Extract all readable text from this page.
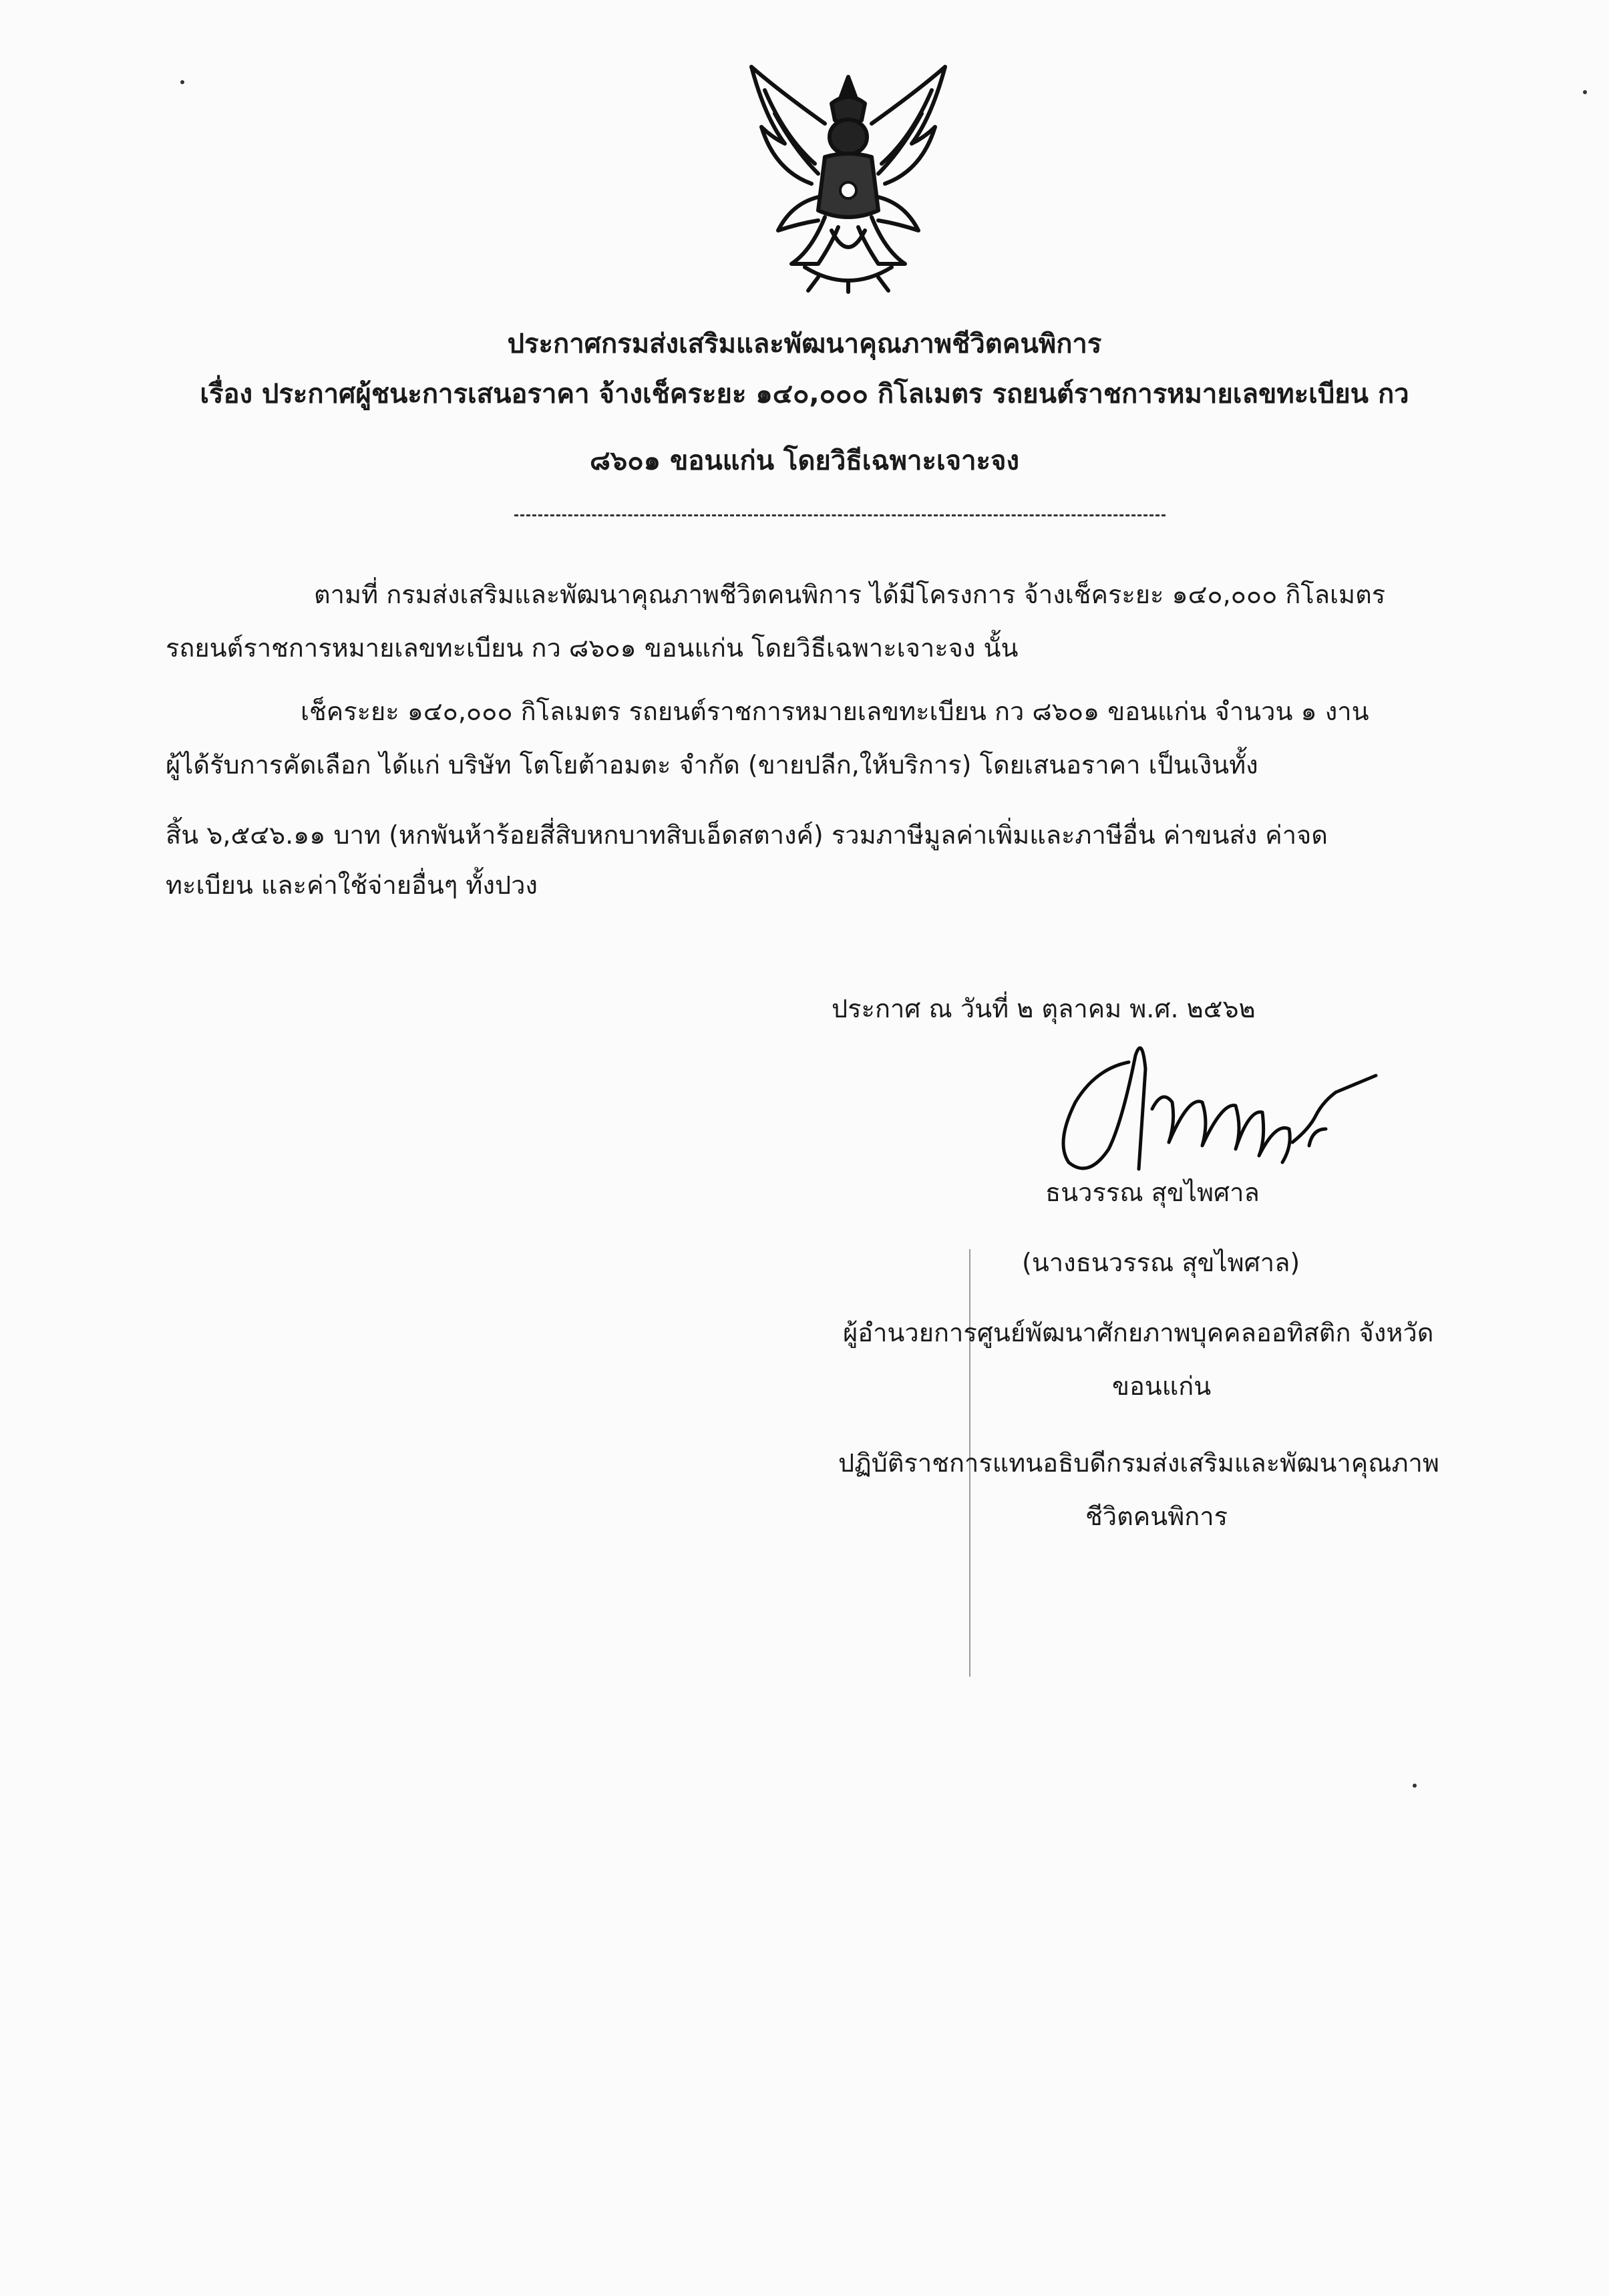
ประกาศกรมส่งเสริมและพัฒนาคุณภาพชีวิตคนพิการ
เรื่อง ประกาศผู้ชนะการเสนอราคา จ้างเช็คระยะ ๑๔๐,๐๐๐ กิโลเมตร รถยนต์ราชการหมายเลขทะเบียน กว
๘๖๐๑ ขอนแก่น โดยวิธีเฉพาะเจาะจง
ตามที่ กรมส่งเสริมและพัฒนาคุณภาพชีวิตคนพิการ ได้มีโครงการ จ้างเช็คระยะ ๑๔๐,๐๐๐ กิโลเมตร
รถยนต์ราชการหมายเลขทะเบียน กว ๘๖๐๑ ขอนแก่น โดยวิธีเฉพาะเจาะจง นั้น
เช็คระยะ ๑๔๐,๐๐๐ กิโลเมตร รถยนต์ราชการหมายเลขทะเบียน กว ๘๖๐๑ ขอนแก่น จำนวน ๑ งาน
ผู้ได้รับการคัดเลือก ได้แก่ บริษัท โตโยต้าอมตะ จำกัด (ขายปลีก,ให้บริการ) โดยเสนอราคา เป็นเงินทั้ง
สิ้น ๖,๕๔๖.๑๑ บาท (หกพันห้าร้อยสี่สิบหกบาทสิบเอ็ดสตางค์) รวมภาษีมูลค่าเพิ่มและภาษีอื่น ค่าขนส่ง ค่าจด
ทะเบียน และค่าใช้จ่ายอื่นๆ ทั้งปวง
ประกาศ ณ วันที่ ๒ ตุลาคม พ.ศ. ๒๕๖๒
ธนวรรณ สุขไพศาล
(นางธนวรรณ สุขไพศาล)
ผู้อำนวยการศูนย์พัฒนาศักยภาพบุคคลออทิสติก จังหวัด
ขอนแก่น
ปฏิบัติราชการแทนอธิบดีกรมส่งเสริมและพัฒนาคุณภาพ
ชีวิตคนพิการ
